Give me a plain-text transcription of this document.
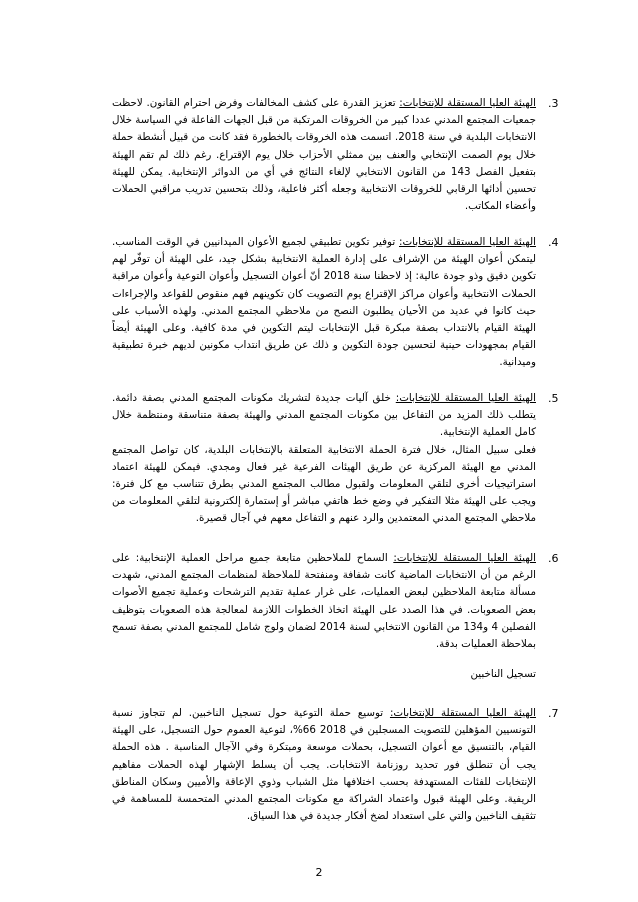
.3

الهيئة العليا المستقلة للإنتخابات: تعزيز القدرة على كشف المخالفات وفرض احترام القانون. لاحظت جمعيات المجتمع المدني عددا كبير من الخروقات المرتكبة من قبل الجهات الفاعلة في السياسة خلال الانتخابات البلدية في سنة 2018. اتسمت هذه الخروقات بالخطورة فقد كانت من قبيل أنشطة حملة خلال يوم الصمت الإنتخابي والعنف بين ممثلي الأحزاب خلال يوم الإقتراع. رغم ذلك لم تقم الهيئة بتفعيل الفصل 143 من القانون الانتخابي لإلغاء النتائج في أي من الدوائر الإنتخابية. يمكن للهيئة تحسين أدائها الرقابي للخروقات الانتخابية وجعله أكثر فاعلية، وذلك بتحسين تدريب مراقبي الحملات وأعضاء المكاتب.

.4

الهيئة العليا المستقلة للإنتخابات: توفير تكوين تطبيقي لجميع الأعوان الميدانيين في الوقت المناسب. ليتمكن أعوان الهيئة من الإشراف على إدارة العملية الانتخابية بشكل جيد، على الهيئة أن توفّر لهم تكوين دقيق وذو جودة عالية: إذ لاحظنا سنة 2018 أنّ أعوان التسجيل وأعوان التوعية وأعوان مراقبة الحملات الانتخابية وأعوان مراكز الإقتراع يوم التصويت كان تكوينهم فهم منقوص للقواعد والإجراءات حيث كانوا في عديد من الأحيان يطلبون النصح من ملاحظي المجتمع المدني. ولهذه الأسباب على الهيئة القيام بالانتداب بصفة مبكرة قبل الإنتخابات ليتم التكوين في مدة كافية. وعلى الهيئة أيضاً القيام بمجهودات حينية لتحسين جودة التكوين و ذلك عن طريق انتداب مكونين لديهم خبرة تطبيقية وميدانية.

.5

الهيئة العليا المستقلة للإنتخابات: خلق آليات جديدة لتشريك مكونات المجتمع المدني بصفة دائمة. يتطلب ذلك المزيد من التفاعل بين مكونات المجتمع المدني والهيئة بصفة متناسقة ومنتظمة خلال كامل العملية الإنتخابية.

فعلى سبيل المثال، خلال فترة الحملة الانتخابية المتعلقة بالإنتخابات البلدية، كان تواصل المجتمع المدني مع الهيئة المركزية عن طريق الهيئات الفرعية غير فعال ومجدي. فيمكن للهيئة اعتماد استراتيجيات أخرى لتلقي المعلومات ولقبول مطالب المجتمع المدني بطرق تتناسب مع كل فترة: ويجب على الهيئة مثلا التفكير في وضع خط هاتفي مباشر أو إستمارة إلكترونية لتلقي المعلومات من ملاحظي المجتمع المدني المعتمدين والرد عنهم و التفاعل معهم في آجال قصيرة.

.6

الهيئة العليا المستقلة للإنتخابات: السماح للملاحظين متابعة جميع مراحل العملية الإنتخابية: على الرغم من أن الانتخابات الماضية كانت شفافة ومنفتحة للملاحظة لمنظمات المجتمع المدني، شهدت مسألة متابعة الملاحظين لبعض العمليات، على غرار عملية تقديم الترشحات وعملية تجميع الأصوات بعض الصعوبات. في هذا الصدد على الهيئة اتخاذ الخطوات اللازمة لمعالجة هذه الصعوبات بتوظيف الفصلين 4 و134 من القانون الانتخابي لسنة 2014 لضمان ولوج شامل للمجتمع المدني بصفة تسمح بملاحظة العمليات بدقة.

تسجيل الناخبين
.7

الهيئة العليا المستقلة للإنتخابات: توسيع حملة التوعية حول تسجيل الناخبين. لم تتجاوز نسبة التونسيين المؤهلين للتصويت المسجلين في 2018 66%، لتوعية العموم حول التسجيل، على الهيئة القيام، بالتنسيق مع أعوان التسجيل، بحملات موسعة ومبتكرة وفي الآجال المناسبة . هذه الحملة يجب أن تنطلق فور تحديد روزنامة الانتخابات. يجب أن يسلط الإشهار لهذه الحملات مفاهيم الإنتخابات للفئات المستهدفة بحسب اختلافها مثل الشباب وذوي الإعاقة والأميين وسكان المناطق الريفية. وعلى الهيئة قبول واعتماد الشراكة مع مكونات المجتمع المدني المتحمسة للمساهمة في تثقيف الناخبين والتي على استعداد لضخ أفكار جديدة في هذا السياق.

2
